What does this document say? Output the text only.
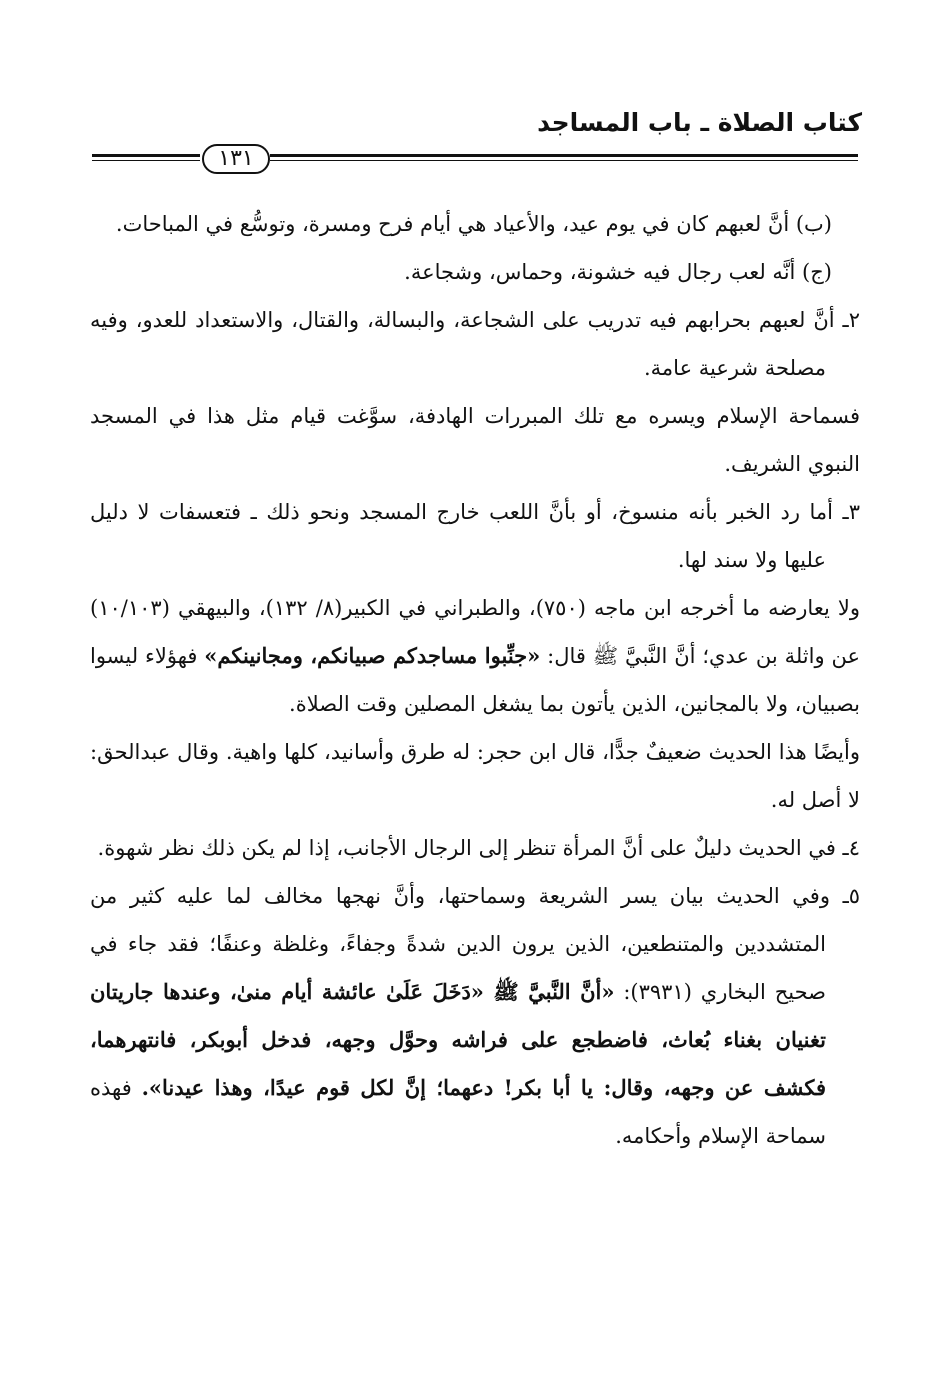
كتاب الصلاة ـ باب المساجد
١٣١

(ب) أنَّ لعبهم كان في يوم عيد، والأعياد هي أيام فرح ومسرة، وتوسُّع في المباحات.

(ج) أنَّه لعب رجال فيه خشونة، وحماس، وشجاعة.

٢ـ أنَّ لعبهم بحرابهم فيه تدريب على الشجاعة، والبسالة، والقتال، والاستعداد للعدو، وفيه مصلحة شرعية عامة.

فسماحة الإسلام ويسره مع تلك المبررات الهادفة، سوَّغت قيام مثل هذا في المسجد النبوي الشريف.

٣ـ أما رد الخبر بأنه منسوخ، أو بأنَّ اللعب خارج المسجد ونحو ذلك ـ فتعسفات لا دليل عليها ولا سند لها.

ولا يعارضه ما أخرجه ابن ماجه (٧٥٠)، والطبراني في الكبير(٨/ ١٣٢)، والبيهقي (١٠/١٠٣) عن واثلة بن عدي؛ أنَّ النَّبيَّ ﷺ قال: «جنِّبوا مساجدكم صبيانكم، ومجانينكم» فهؤلاء ليسوا بصبيان، ولا بالمجانين، الذين يأتون بما يشغل المصلين وقت الصلاة.

وأيضًا هذا الحديث ضعيفٌ جدًّا، قال ابن حجر: له طرق وأسانيد، كلها واهية. وقال عبدالحق: لا أصل له.

٤ـ في الحديث دليلٌ على أنَّ المرأة تنظر إلى الرجال الأجانب، إذا لم يكن ذلك نظر شهوة.

٥ـ وفي الحديث بيان يسر الشريعة وسماحتها، وأنَّ نهجها مخالف لما عليه كثير من المتشددين والمتنطعين، الذين يرون الدين شدةً وجفاءً، وغلظة وعنفًا؛ فقد جاء في صحيح البخاري (٣٩٣١): «أنَّ النَّبيَّ ﷺ «دَخَلَ عَلَىٰ عائشة أيام منىٰ، وعندها جاريتان تغنيان بغناء بُعاث، فاضطجع على فراشه وحوَّل وجهه، فدخل أبوبكر، فانتهرهما، فكشف عن وجهه، وقال: يا أبا بكر! دعهما؛ إنَّ لكل قوم عيدًا، وهذا عيدنا». فهذه سماحة الإسلام وأحكامه.
